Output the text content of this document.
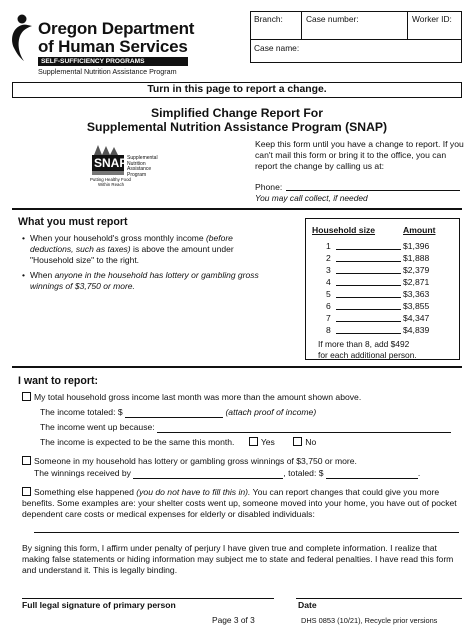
Oregon Department
of Human Services
SELF-SUFFICIENCY PROGRAMS
Supplemental Nutrition Assistance Program
Branch:	Case number:	Worker ID:
Case name:
Turn in this page to report a change.
Simplified Change Report For
Supplemental Nutrition Assistance Program (SNAP)
SNAP Supplemental
Nutrition
Assistance
Program
Putting Healthy Food
Within Reach
Keep this form until you have a change to report. If you can't mail this form or bring it to the office, you can report the change by calling us at:
Phone:
You may call collect, if needed
What you must report
• When your household's gross monthly income (before deductions, such as taxes) is above the amount under "Household size" to the right.
• When anyone in the household has lottery or gambling gross winnings of $3,750 or more.
Household size	Amount
If more than 8, add $492
for each additional person.
1	$1,396
2	$1,888
3	$2,379
4	$2,871
5	$3,363
6	$3,855
7	$4,347
8	$4,839
I want to report:
My total household gross income last month was more than the amount shown above.
The income totaled: $	(attach proof of income)
The income went up because:
The income is expected to be the same this month.	Yes	No
Someone in my household has lottery or gambling gross winnings of $3,750 or more.
The winnings received by	, totaled: $	.
Something else happened (you do not have to fill this in). You can report changes that could give you more benefits. Some examples are: your shelter costs went up, someone moved into your home, you have out of pocket dependent care costs or medical expenses for elderly or disabled individuals:
By signing this form, I affirm under penalty of perjury I have given true and complete information. I realize that making false statements or hiding information may subject me to state and federal penalties. I have read this form and understand it. This is legally binding.
Full legal signature of primary person	Date
Page 3 of 3	DHS 0853 (10/21), Recycle prior versions
